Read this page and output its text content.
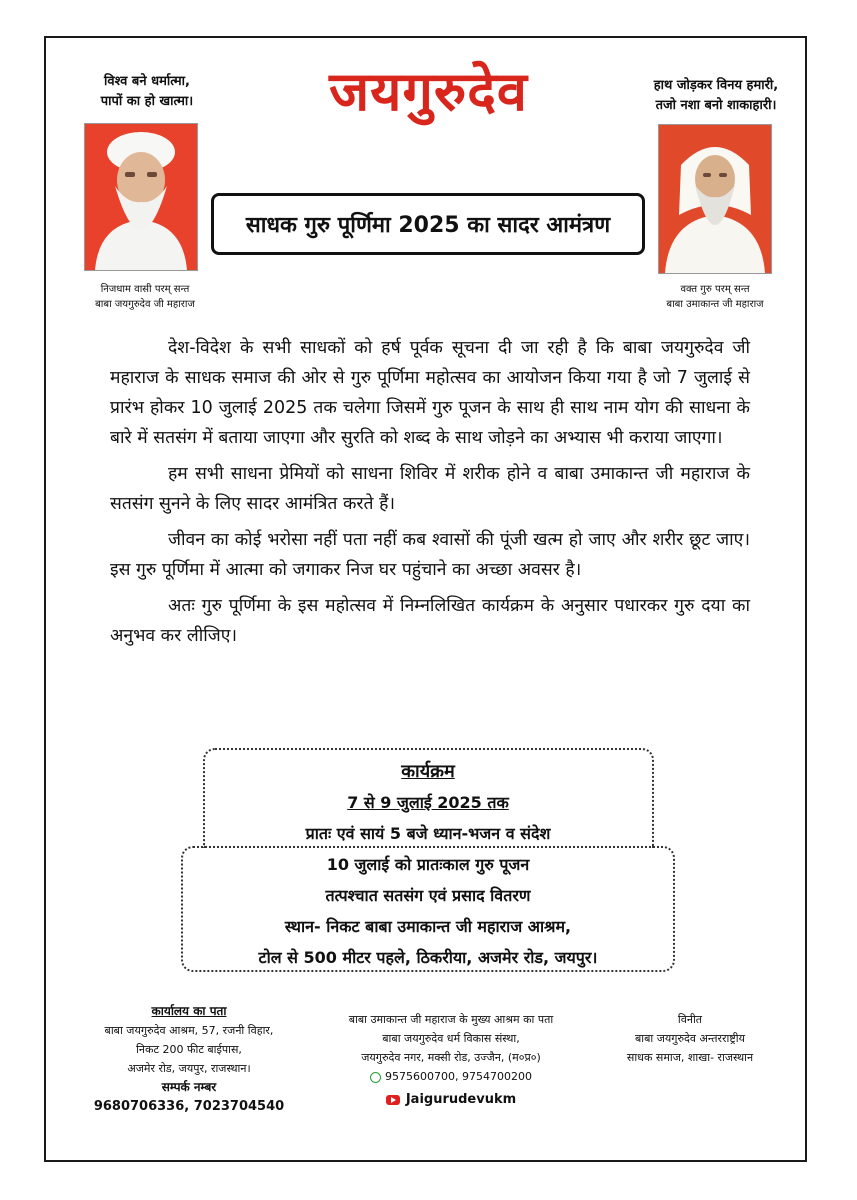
जयगुरुदेव
विश्व बने धर्मात्मा,
पापों का हो खात्मा।
हाथ जोड़कर विनय हमारी,
तजो नशा बनो शाकाहारी।
निजधाम वासी परम् सन्त
बाबा जयगुरुदेव जी महाराज
वक्त गुरु परम् सन्त
बाबा उमाकान्त जी महाराज
साधक गुरु पूर्णिमा 2025 का सादर आमंत्रण

देश-विदेश के सभी साधकों को हर्ष पूर्वक सूचना दी जा रही है कि बाबा जयगुरुदेव जी महाराज के साधक समाज की ओर से गुरु पूर्णिमा महोत्सव का आयोजन किया गया है जो 7 जुलाई से प्रारंभ होकर 10 जुलाई 2025 तक चलेगा जिसमें गुरु पूजन के साथ ही साथ नाम योग की साधना के बारे में सतसंग में बताया जाएगा और सुरति को शब्द के साथ जोड़ने का अभ्यास भी कराया जाएगा।

हम सभी साधना प्रेमियों को साधना शिविर में शरीक होने व बाबा उमाकान्त जी महाराज के सतसंग सुनने के लिए सादर आमंत्रित करते हैं।

जीवन का कोई भरोसा नहीं पता नहीं कब श्वासों की पूंजी खत्म हो जाए और शरीर छूट जाए। इस गुरु पूर्णिमा में आत्मा को जगाकर निज घर पहुंचाने का अच्छा अवसर है।

अतः गुरु पूर्णिमा के इस महोत्सव में निम्नलिखित कार्यक्रम के अनुसार पधारकर गुरु दया का अनुभव कर लीजिए।

कार्यक्रम
7 से 9 जुलाई 2025 तक
प्रातः एवं सायं 5 बजे ध्यान-भजन व संदेश
10 जुलाई को प्रातःकाल गुरु पूजन
तत्पश्चात सतसंग एवं प्रसाद वितरण
स्थान- निकट बाबा उमाकान्त जी महाराज आश्रम,
टोल से 500 मीटर पहले, ठिकरीया, अजमेर रोड, जयपुर।
कार्यालय का पता
बाबा जयगुरुदेव आश्रम, 57, रजनी विहार,
निकट 200 फीट बाईपास,
अजमेर रोड, जयपुर, राजस्थान।
सम्पर्क नम्बर
9680706336, 7023704540
बाबा उमाकान्त जी महाराज के मुख्य आश्रम का पता
बाबा जयगुरुदेव धर्म विकास संस्था,
जयगुरुदेव नगर, मक्सी रोड, उज्जैन, (म०प्र०)
9575600700, 9754700200
Jaigurudevukm
विनीत
बाबा जयगुरुदेव अन्तरराष्ट्रीय
साधक समाज, शाखा- राजस्थान
